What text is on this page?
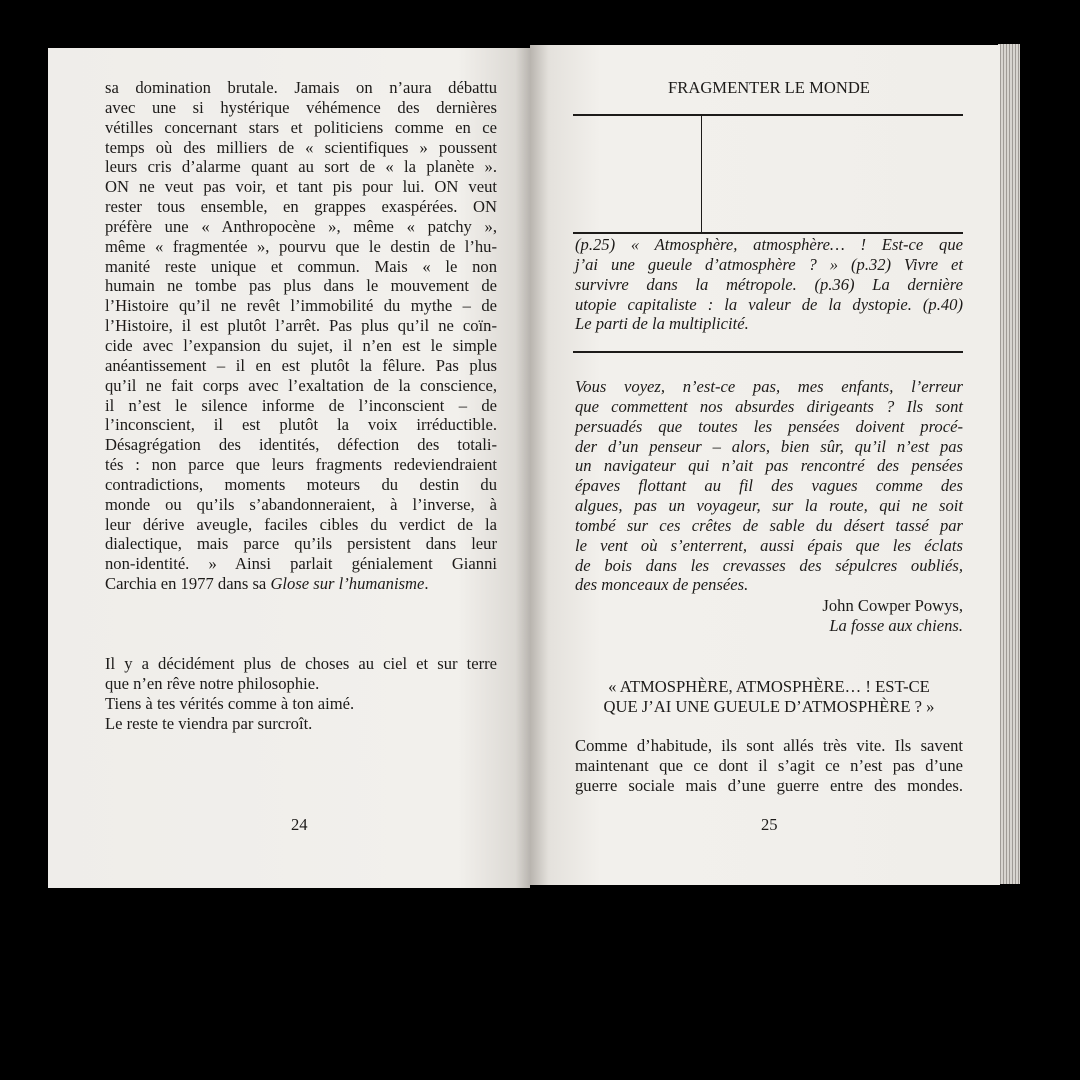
sa domination brutale. Jamais on n’aura débattu
avec une si hystérique véhémence des dernières
vétilles concernant stars et politiciens comme en ce
temps où des milliers de « scientifiques » poussent
leurs cris d’alarme quant au sort de « la planète ».
ON ne veut pas voir, et tant pis pour lui. ON veut
rester tous ensemble, en grappes exaspérées. ON
préfère une « Anthropocène », même « patchy »,
même « fragmentée », pourvu que le destin de l’hu-
manité reste unique et commun. Mais « le non
humain ne tombe pas plus dans le mouvement de
l’Histoire qu’il ne revêt l’immobilité du mythe – de
l’Histoire, il est plutôt l’arrêt. Pas plus qu’il ne coïn-
cide avec l’expansion du sujet, il n’en est le simple
anéantissement – il en est plutôt la fêlure. Pas plus
qu’il ne fait corps avec l’exaltation de la conscience,
il n’est le silence informe de l’inconscient – de
l’inconscient, il est plutôt la voix irréductible.
Désagrégation des identités, défection des totali-
tés : non parce que leurs fragments redeviendraient
contradictions, moments moteurs du destin du
monde ou qu’ils s’abandonneraient, à l’inverse, à
leur dérive aveugle, faciles cibles du verdict de la
dialectique, mais parce qu’ils persistent dans leur
non-identité. » Ainsi parlait génialement Gianni
Carchia en 1977 dans sa Glose sur l’humanisme.
Il y a décidément plus de choses au ciel et sur terre
que n’en rêve notre philosophie.
Tiens à tes vérités comme à ton aimé.
Le reste te viendra par surcroît.
24
FRAGMENTER LE MONDE
(p.25) « Atmosphère, atmosphère… ! Est-ce que
j’ai une gueule d’atmosphère ? » (p.32) Vivre et
survivre dans la métropole. (p.36) La dernière
utopie capitaliste : la valeur de la dystopie. (p.40)
Le parti de la multiplicité.
Vous voyez, n’est-ce pas, mes enfants, l’erreur
que commettent nos absurdes dirigeants ? Ils sont
persuadés que toutes les pensées doivent procé-
der d’un penseur – alors, bien sûr, qu’il n’est pas
un navigateur qui n’ait pas rencontré des pensées
épaves flottant au fil des vagues comme des
algues, pas un voyageur, sur la route, qui ne soit
tombé sur ces crêtes de sable du désert tassé par
le vent où s’enterrent, aussi épais que les éclats
de bois dans les crevasses des sépulcres oubliés,
des monceaux de pensées.
John Cowper Powys,
La fosse aux chiens.
« ATMOSPHÈRE, ATMOSPHÈRE… ! EST-CE
QUE J’AI UNE GUEULE D’ATMOSPHÈRE ? »
Comme d’habitude, ils sont allés très vite. Ils savent
maintenant que ce dont il s’agit ce n’est pas d’une
guerre sociale mais d’une guerre entre des mondes.
25
